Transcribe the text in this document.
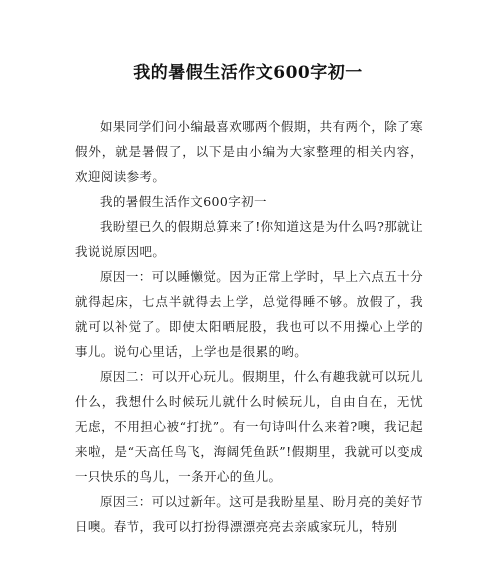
我的暑假生活作文600字初一

如果同学们问小编最喜欢哪两个假期，共有两个，除了寒假外，就是暑假了，以下是由小编为大家整理的相关内容，欢迎阅读参考。

我的暑假生活作文600字初一

我盼望已久的假期总算来了!你知道这是为什么吗?那就让我说说原因吧。

原因一：可以睡懒觉。因为正常上学时，早上六点五十分就得起床，七点半就得去上学，总觉得睡不够。放假了，我就可以补觉了。即使太阳晒屁股，我也可以不用操心上学的事儿。说句心里话，上学也是很累的哟。

原因二：可以开心玩儿。假期里，什么有趣我就可以玩儿什么，我想什么时候玩儿就什么时候玩儿，自由自在，无忧无虑，不用担心被“打扰”。有一句诗叫什么来着?噢，我记起来啦，是“天高任鸟飞，海阔凭鱼跃”!假期里，我就可以变成一只快乐的鸟儿，一条开心的鱼儿。

原因三：可以过新年。这可是我盼星星、盼月亮的美好节日噢。春节，我可以打扮得漂漂亮亮去亲戚家玩儿，特别
